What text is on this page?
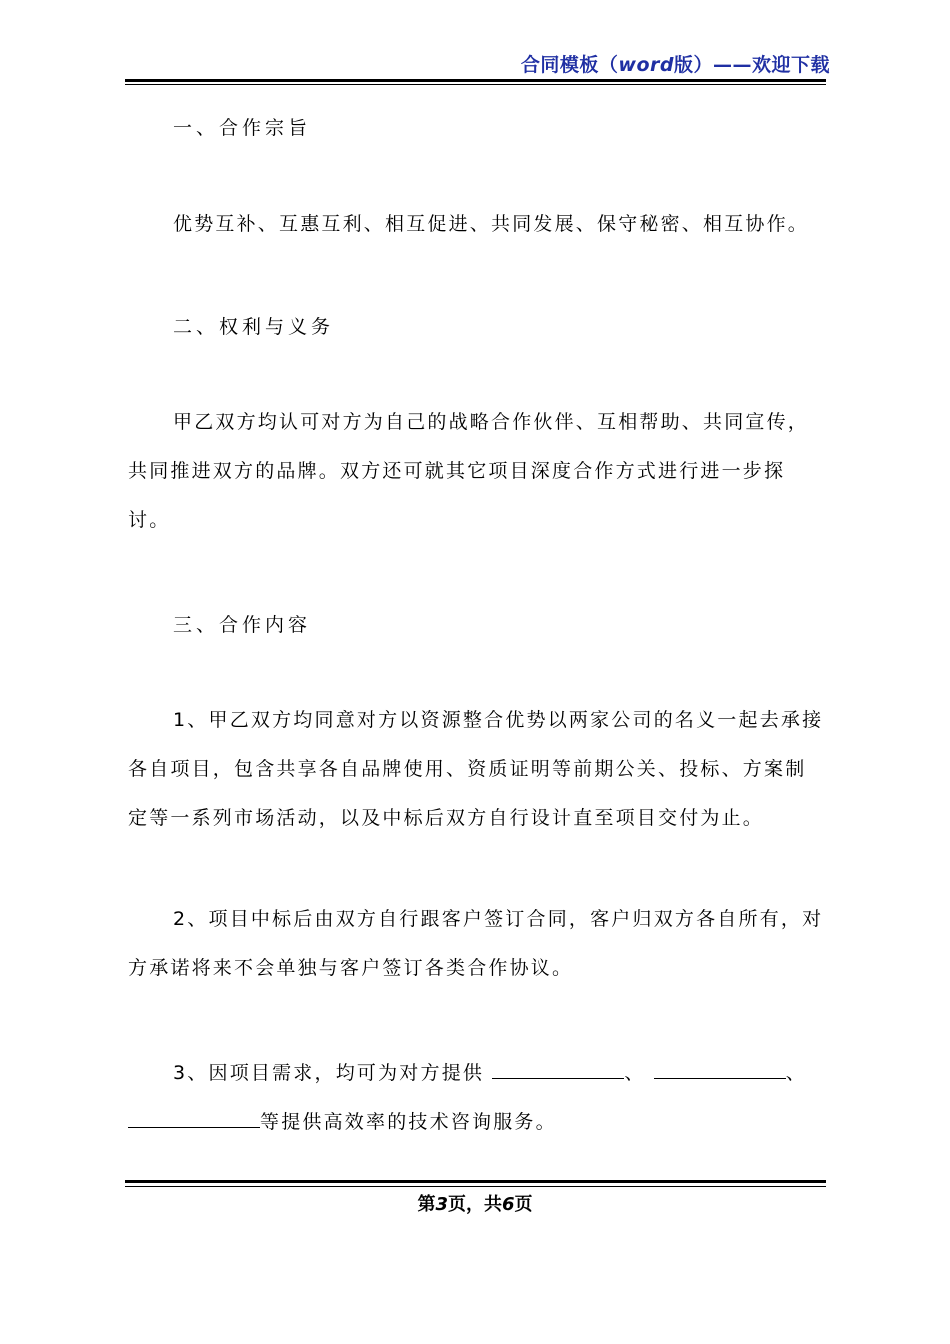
合同模板（word版）——欢迎下载
一、合作宗旨
优势互补、互惠互利、相互促进、共同发展、保守秘密、相互协作。
二、权利与义务
甲乙双方均认可对方为自己的战略合作伙伴、互相帮助、共同宣传，共同推进双方的品牌。双方还可就其它项目深度合作方式进行进一步探讨。
三、合作内容
1、甲乙双方均同意对方以资源整合优势以两家公司的名义一起去承接各自项目，包含共享各自品牌使用、资质证明等前期公关、投标、方案制定等一系列市场活动，以及中标后双方自行设计直至项目交付为止。
2、项目中标后由双方自行跟客户签订合同，客户归双方各自所有，对方承诺将来不会单独与客户签订各类合作协议。
3、因项目需求，均可为对方提供	、	、
等提供高效率的技术咨询服务。
第3页，共6页
